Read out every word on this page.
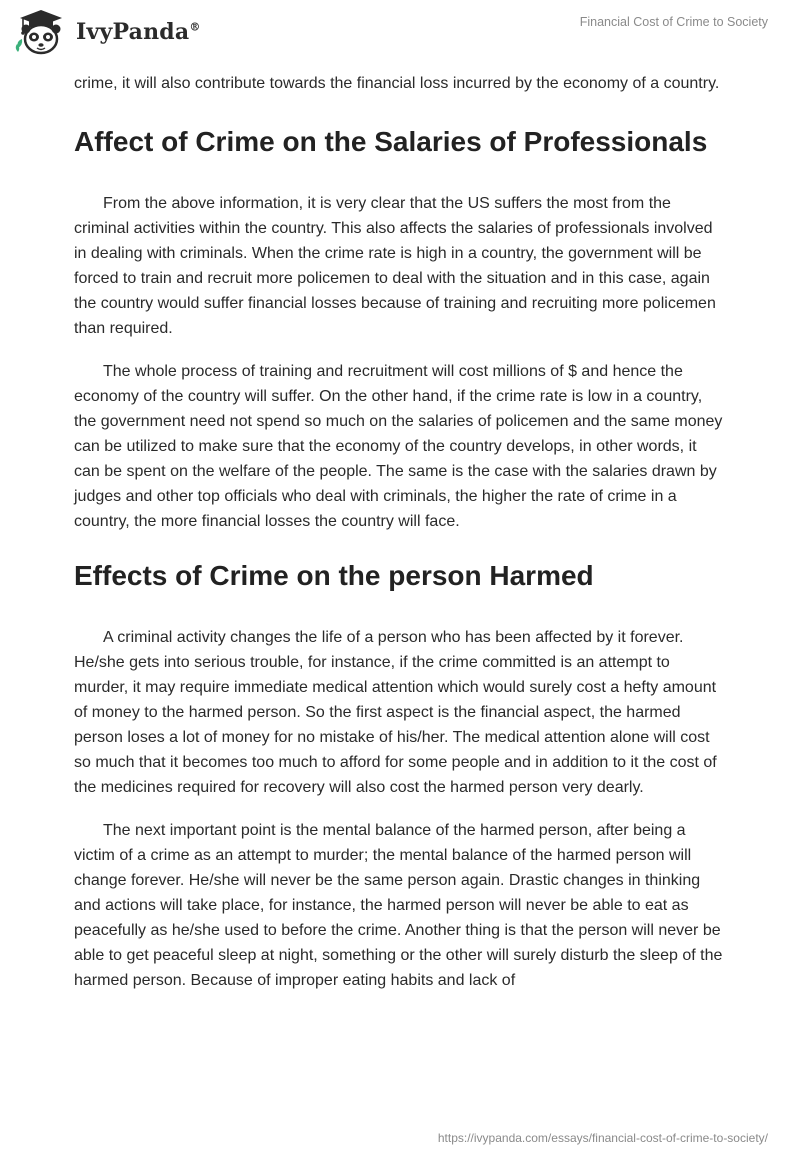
IvyPanda®	Financial Cost of Crime to Society

crime, it will also contribute towards the financial loss incurred by the economy of a country.

Affect of Crime on the Salaries of Professionals

From the above information, it is very clear that the US suffers the most from the criminal activities within the country. This also affects the salaries of professionals involved in dealing with criminals. When the crime rate is high in a country, the government will be forced to train and recruit more policemen to deal with the situation and in this case, again the country would suffer financial losses because of training and recruiting more policemen than required.

The whole process of training and recruitment will cost millions of $ and hence the economy of the country will suffer. On the other hand, if the crime rate is low in a country, the government need not spend so much on the salaries of policemen and the same money can be utilized to make sure that the economy of the country develops, in other words, it can be spent on the welfare of the people. The same is the case with the salaries drawn by judges and other top officials who deal with criminals, the higher the rate of crime in a country, the more financial losses the country will face.

Effects of Crime on the person Harmed

A criminal activity changes the life of a person who has been affected by it forever. He/she gets into serious trouble, for instance, if the crime committed is an attempt to murder, it may require immediate medical attention which would surely cost a hefty amount of money to the harmed person. So the first aspect is the financial aspect, the harmed person loses a lot of money for no mistake of his/her. The medical attention alone will cost so much that it becomes too much to afford for some people and in addition to it the cost of the medicines required for recovery will also cost the harmed person very dearly.

The next important point is the mental balance of the harmed person, after being a victim of a crime as an attempt to murder; the mental balance of the harmed person will change forever. He/she will never be the same person again. Drastic changes in thinking and actions will take place, for instance, the harmed person will never be able to eat as peacefully as he/she used to before the crime. Another thing is that the person will never be able to get peaceful sleep at night, something or the other will surely disturb the sleep of the harmed person. Because of improper eating habits and lack of

https://ivypanda.com/essays/financial-cost-of-crime-to-society/
